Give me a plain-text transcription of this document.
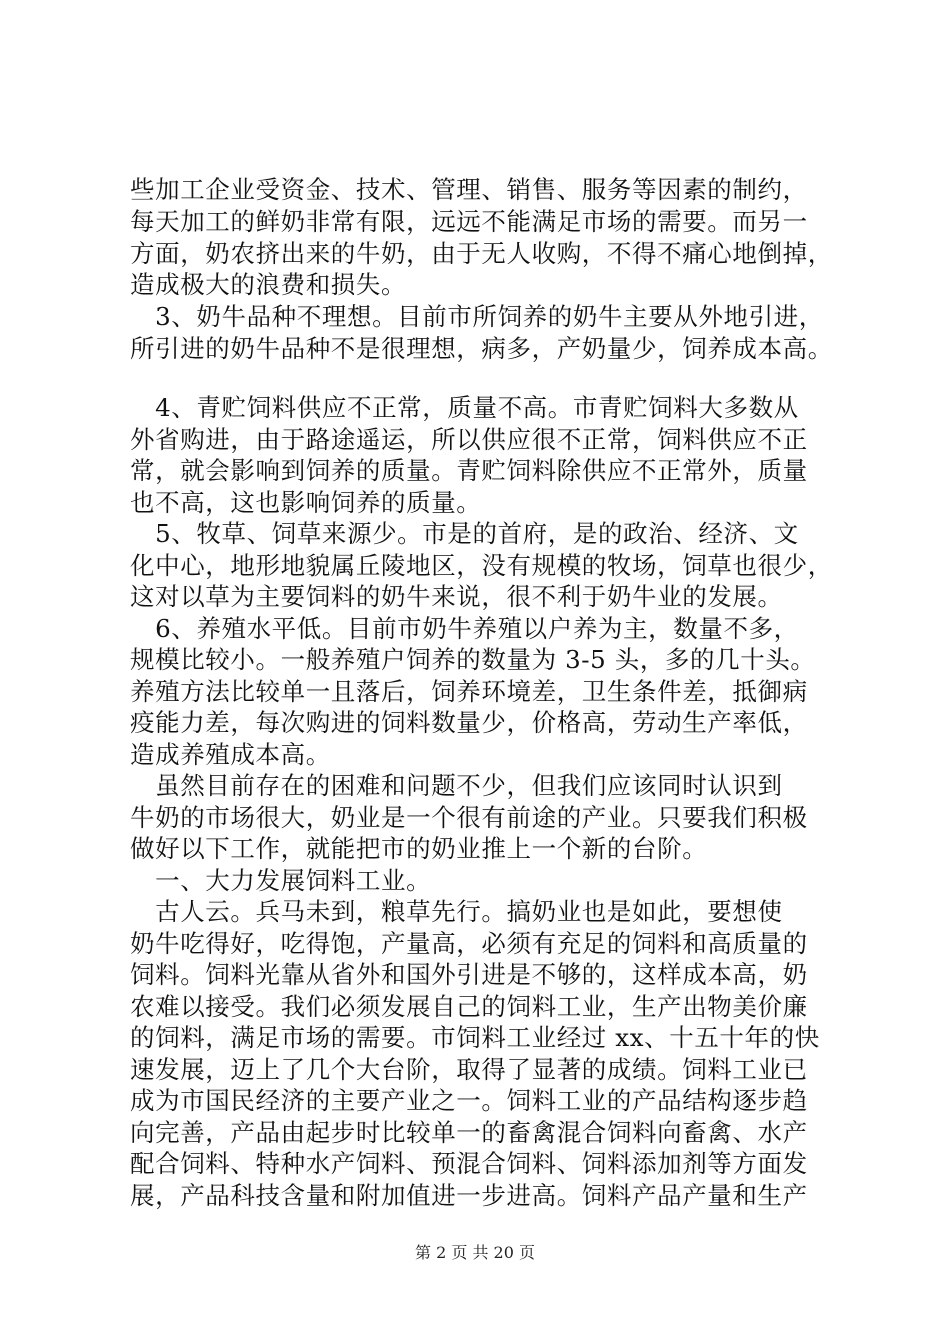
些加工企业受资金、技术、管理、销售、服务等因素的制约，
每天加工的鲜奶非常有限，远远不能满足市场的需要。而另一
方面，奶农挤出来的牛奶，由于无人收购，不得不痛心地倒掉，
造成极大的浪费和损失。
　3、奶牛品种不理想。目前市所饲养的奶牛主要从外地引进，
所引进的奶牛品种不是很理想，病多，产奶量少，饲养成本高。
　4、青贮饲料供应不正常，质量不高。市青贮饲料大多数从
外省购进，由于路途遥运，所以供应很不正常，饲料供应不正
常，就会影响到饲养的质量。青贮饲料除供应不正常外，质量
也不高，这也影响饲养的质量。
　5、牧草、饲草来源少。市是的首府，是的政治、经济、文
化中心，地形地貌属丘陵地区，没有规模的牧场，饲草也很少，
这对以草为主要饲料的奶牛来说，很不利于奶牛业的发展。
　6、养殖水平低。目前市奶牛养殖以户养为主，数量不多，
规模比较小。一般养殖户饲养的数量为 3-5 头，多的几十头。
养殖方法比较单一且落后，饲养环境差，卫生条件差，抵御病
疫能力差，每次购进的饲料数量少，价格高，劳动生产率低，
造成养殖成本高。
　虽然目前存在的困难和问题不少，但我们应该同时认识到
牛奶的市场很大，奶业是一个很有前途的产业。只要我们积极
做好以下工作，就能把市的奶业推上一个新的台阶。
　一、大力发展饲料工业。
　古人云。兵马未到，粮草先行。搞奶业也是如此，要想使
奶牛吃得好，吃得饱，产量高，必须有充足的饲料和高质量的
饲料。饲料光靠从省外和国外引进是不够的，这样成本高，奶
农难以接受。我们必须发展自己的饲料工业，生产出物美价廉
的饲料，满足市场的需要。市饲料工业经过 xx、十五十年的快
速发展，迈上了几个大台阶，取得了显著的成绩。饲料工业已
成为市国民经济的主要产业之一。饲料工业的产品结构逐步趋
向完善，产品由起步时比较单一的畜禽混合饲料向畜禽、水产
配合饲料、特种水产饲料、预混合饲料、饲料添加剂等方面发
展，产品科技含量和附加值进一步进高。饲料产品产量和生产
第 2 页 共 20 页
